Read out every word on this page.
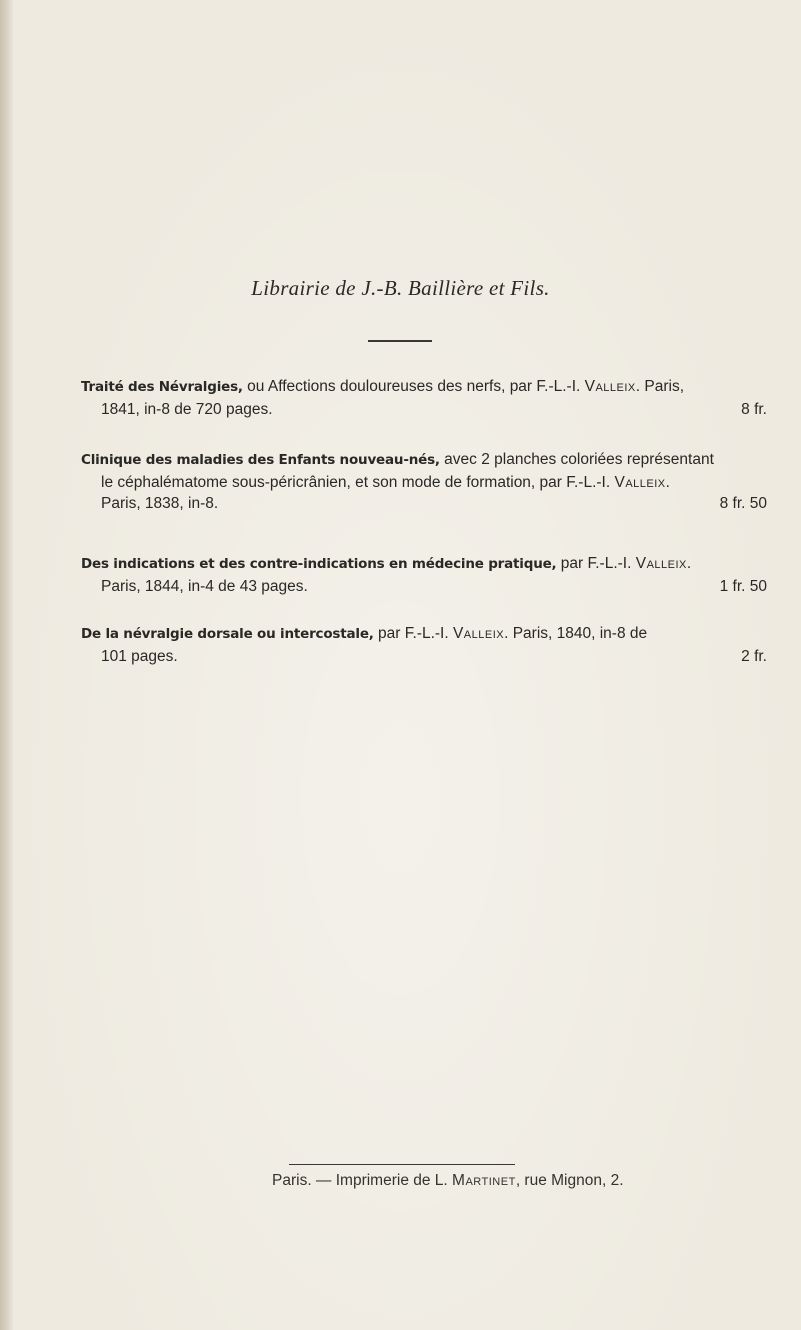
Librairie de J.-B. Baillière et Fils.
Traité des Névralgies, ou Affections douloureuses des nerfs, par F.-L.-I. Valleix. Paris,
1841, in-8 de 720 pages.	8 fr.
Clinique des maladies des Enfants nouveau-nés, avec 2 planches coloriées représentant
le céphalématome sous-péricrânien, et son mode de formation, par F.-L.-I. Valleix.
Paris, 1838, in-8.	8 fr. 50
Des indications et des contre-indications en médecine pratique, par F.-L.-I. Valleix.
Paris, 1844, in-4 de 43 pages.	1 fr. 50
De la névralgie dorsale ou intercostale, par F.-L.-I. Valleix. Paris, 1840, in-8 de
101 pages.	2 fr.
Paris. — Imprimerie de L. Martinet, rue Mignon, 2.
